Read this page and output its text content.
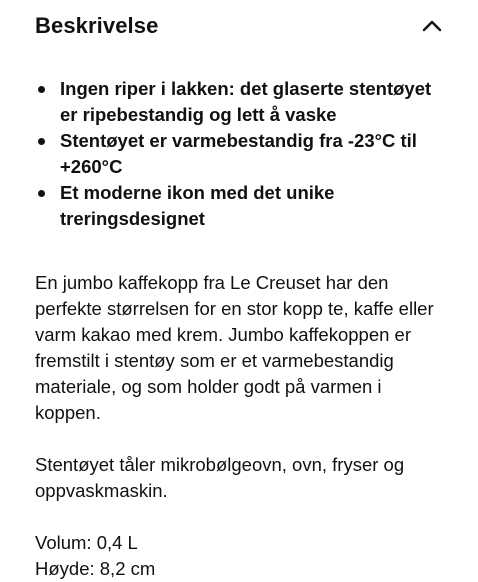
Beskrivelse
Ingen riper i lakken: det glaserte stentøyet er ripebestandig og lett å vaske
Stentøyet er varmebestandig fra -23°C til +260°C
Et moderne ikon med det unike treringsdesignet

En jumbo kaffekopp fra Le Creuset har den perfekte størrelsen for en stor kopp te, kaffe eller varm kakao med krem. Jumbo kaffekoppen er fremstilt i stentøy som er et varmebestandig materiale, og som holder godt på varmen i koppen.

Stentøyet tåler mikrobølgeovn, ovn, fryser og oppvaskmaskin.

Volum: 0,4 L
Høyde: 8,2 cm
